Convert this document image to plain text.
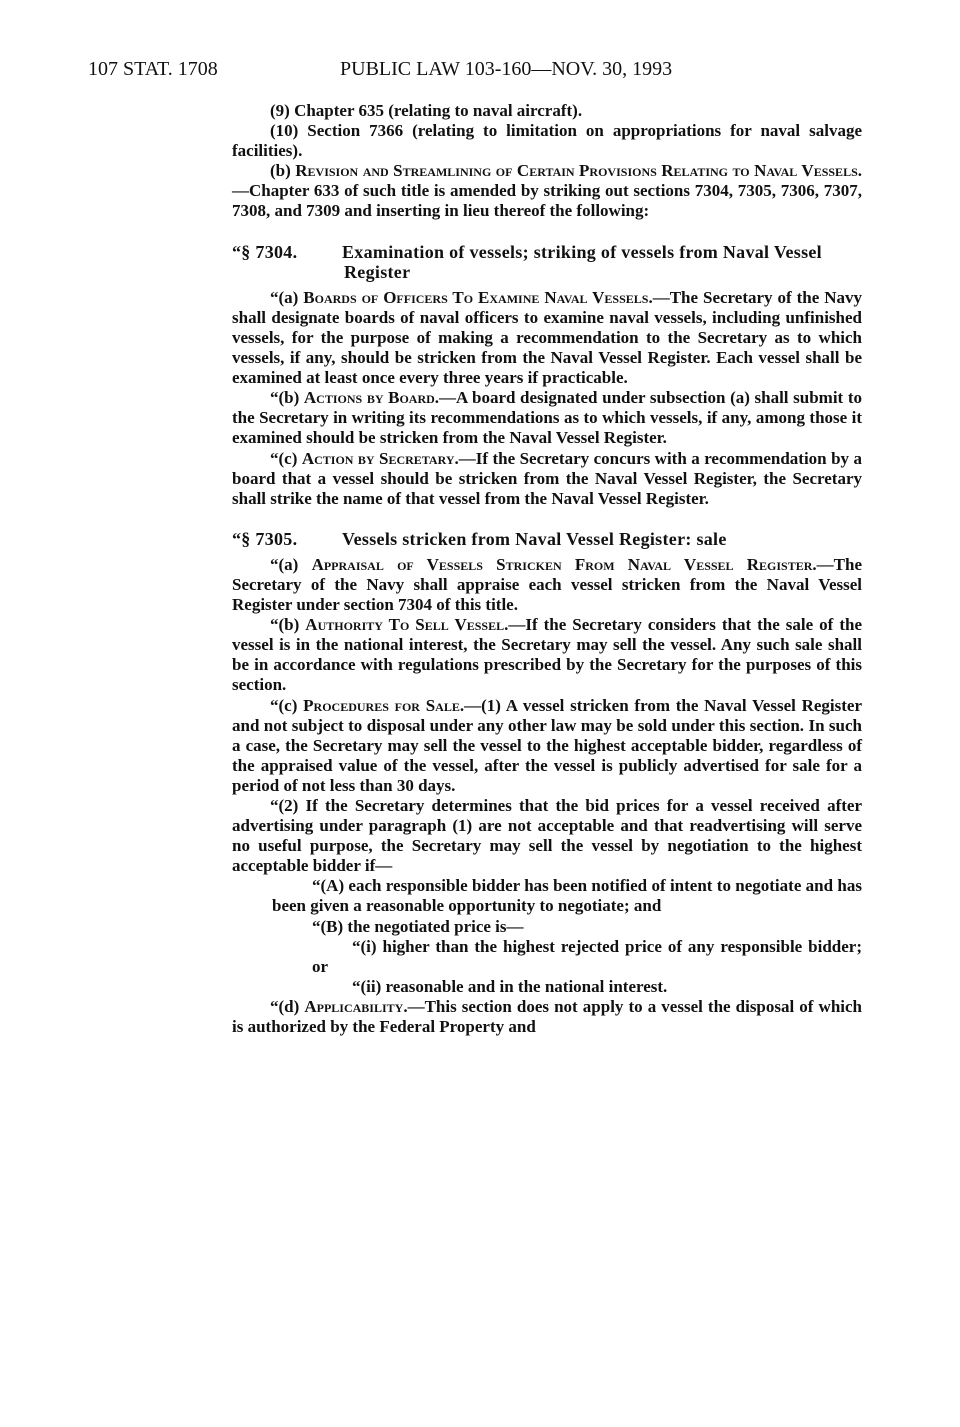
107 STAT. 1708	PUBLIC LAW 103-160—NOV. 30, 1993

(9) Chapter 635 (relating to naval aircraft).

(10) Section 7366 (relating to limitation on appropriations for naval salvage facilities).

(b) Revision and Streamlining of Certain Provisions Relating to Naval Vessels.—Chapter 633 of such title is amended by striking out sections 7304, 7305, 7306, 7307, 7308, and 7309 and inserting in lieu thereof the following:

“§ 7304. Examination of vessels; striking of vessels from Naval Vessel Register

“(a) Boards of Officers To Examine Naval Vessels.—The Secretary of the Navy shall designate boards of naval officers to examine naval vessels, including unfinished vessels, for the purpose of making a recommendation to the Secretary as to which vessels, if any, should be stricken from the Naval Vessel Register. Each vessel shall be examined at least once every three years if practicable.

“(b) Actions by Board.—A board designated under subsection (a) shall submit to the Secretary in writing its recommendations as to which vessels, if any, among those it examined should be stricken from the Naval Vessel Register.

“(c) Action by Secretary.—If the Secretary concurs with a recommendation by a board that a vessel should be stricken from the Naval Vessel Register, the Secretary shall strike the name of that vessel from the Naval Vessel Register.

“§ 7305. Vessels stricken from Naval Vessel Register: sale

“(a) Appraisal of Vessels Stricken From Naval Vessel Register.—The Secretary of the Navy shall appraise each vessel stricken from the Naval Vessel Register under section 7304 of this title.

“(b) Authority To Sell Vessel.—If the Secretary considers that the sale of the vessel is in the national interest, the Secretary may sell the vessel. Any such sale shall be in accordance with regulations prescribed by the Secretary for the purposes of this section.

“(c) Procedures for Sale.—(1) A vessel stricken from the Naval Vessel Register and not subject to disposal under any other law may be sold under this section. In such a case, the Secretary may sell the vessel to the highest acceptable bidder, regardless of the appraised value of the vessel, after the vessel is publicly advertised for sale for a period of not less than 30 days.

“(2) If the Secretary determines that the bid prices for a vessel received after advertising under paragraph (1) are not acceptable and that readvertising will serve no useful purpose, the Secretary may sell the vessel by negotiation to the highest acceptable bidder if—

“(A) each responsible bidder has been notified of intent to negotiate and has been given a reasonable opportunity to negotiate; and

“(B) the negotiated price is—

“(i) higher than the highest rejected price of any responsible bidder; or

“(ii) reasonable and in the national interest.

“(d) Applicability.—This section does not apply to a vessel the disposal of which is authorized by the Federal Property and
